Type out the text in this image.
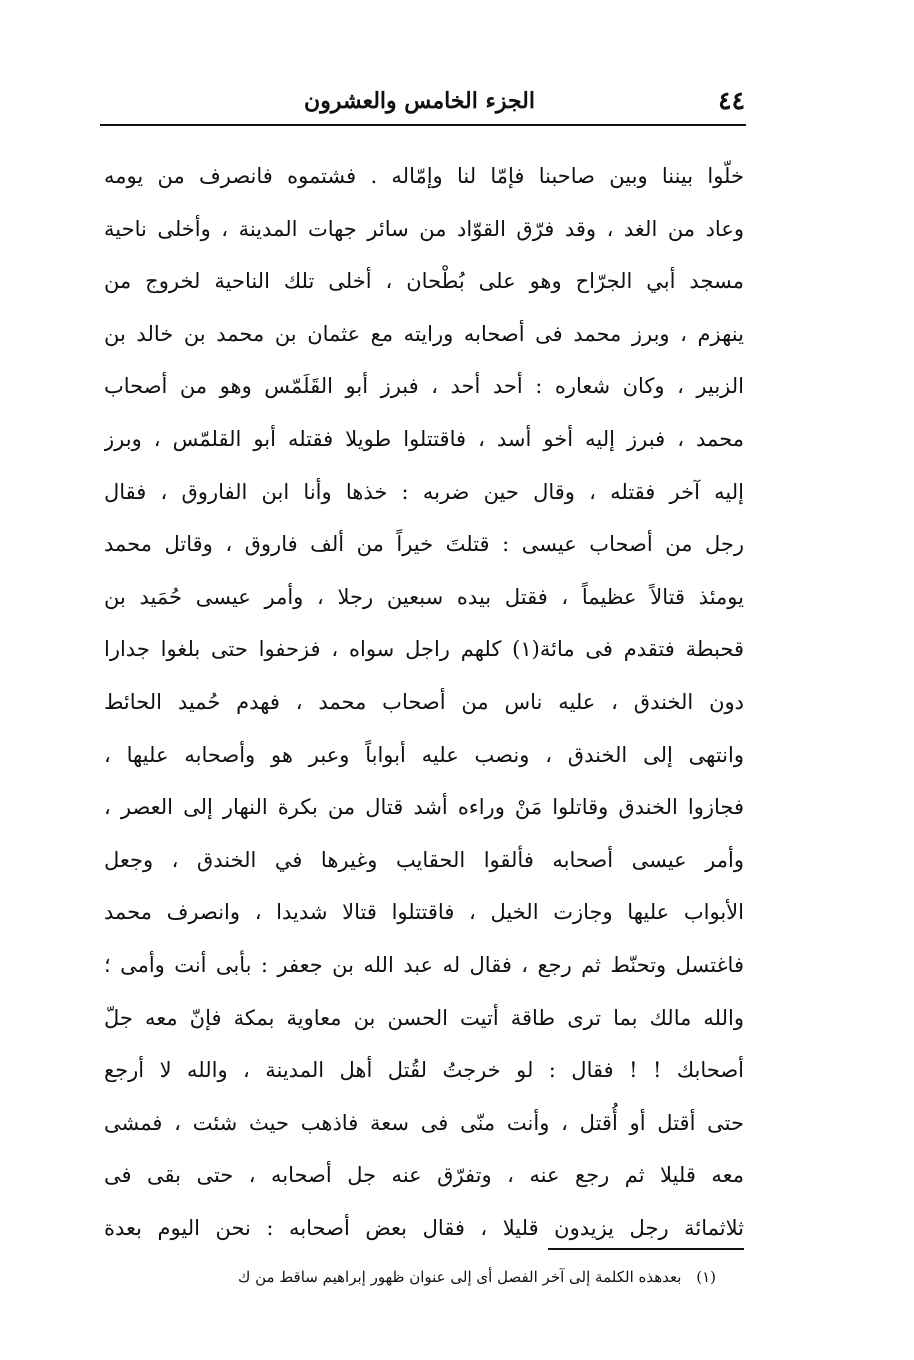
٤٤
الجزء الخامس والعشرون
خلّوا بيننا وبين صاحبنا فإمّا لنا وإمّاله . فشتموه فانصرف من يومه
وعاد من الغد ، وقد فرّق القوّاد من سائر جهات المدينة ، وأخلى ناحية
مسجد أبي الجرّاح وهو على بُطْحان ، أخلى تلك الناحية لخروج من
ينهزم ، وبرز محمد فى أصحابه ورايته مع عثمان بن محمد بن خالد بن
الزبير ، وكان شعاره : أحد أحد ، فبرز أبو القَلَمّس وهو من أصحاب
محمد ، فبرز إليه أخو أسد ، فاقتتلوا طويلا فقتله أبو القلمّس ، وبرز
إليه آخر فقتله ، وقال حين ضربه : خذها وأنا ابن الفاروق ، فقال
رجل من أصحاب عيسى : قتلتَ خيراً من ألف فاروق ، وقاتل محمد
يومئذ قتالاً عظيماً ، فقتل بيده سبعين رجلا ، وأمر عيسى حُمَيد بن
قحبطة فتقدم فى مائة(١) كلهم راجل سواه ، فزحفوا حتى بلغوا جدارا
دون الخندق ، عليه ناس من أصحاب محمد ، فهدم حُميد الحائط
وانتهى إلى الخندق ، ونصب عليه أبواباً وعبر هو وأصحابه عليها ،
فجازوا الخندق وقاتلوا مَنْ وراءه أشد قتال من بكرة النهار إلى العصر ،
وأمر عيسى أصحابه فألقوا الحقايب وغيرها في الخندق ، وجعل
الأبواب عليها وجازت الخيل ، فاقتتلوا قتالا شديدا ، وانصرف محمد
فاغتسل وتحنّط ثم رجع ، فقال له عبد الله بن جعفر : بأبى أنت وأمى ؛
والله مالك بما ترى طاقة أتيت الحسن بن معاوية بمكة فإنّ معه جلّ
أصحابك ! ! فقال : لو خرجتُ لقُتل أهل المدينة ، والله لا أرجع
حتى أقتل أو أُقتل ، وأنت منّى فى سعة فاذهب حيث شئت ، فمشى
معه قليلا ثم رجع عنه ، وتفرّق عنه جل أصحابه ، حتى بقى فى
ثلاثمائة رجل يزيدون قليلا ، فقال بعض أصحابه : نحن اليوم بعدة
(١) بعدهذه الكلمة إلى آخر الفصل أى إلى عنوان ظهور إبراهيم ساقط من ك
